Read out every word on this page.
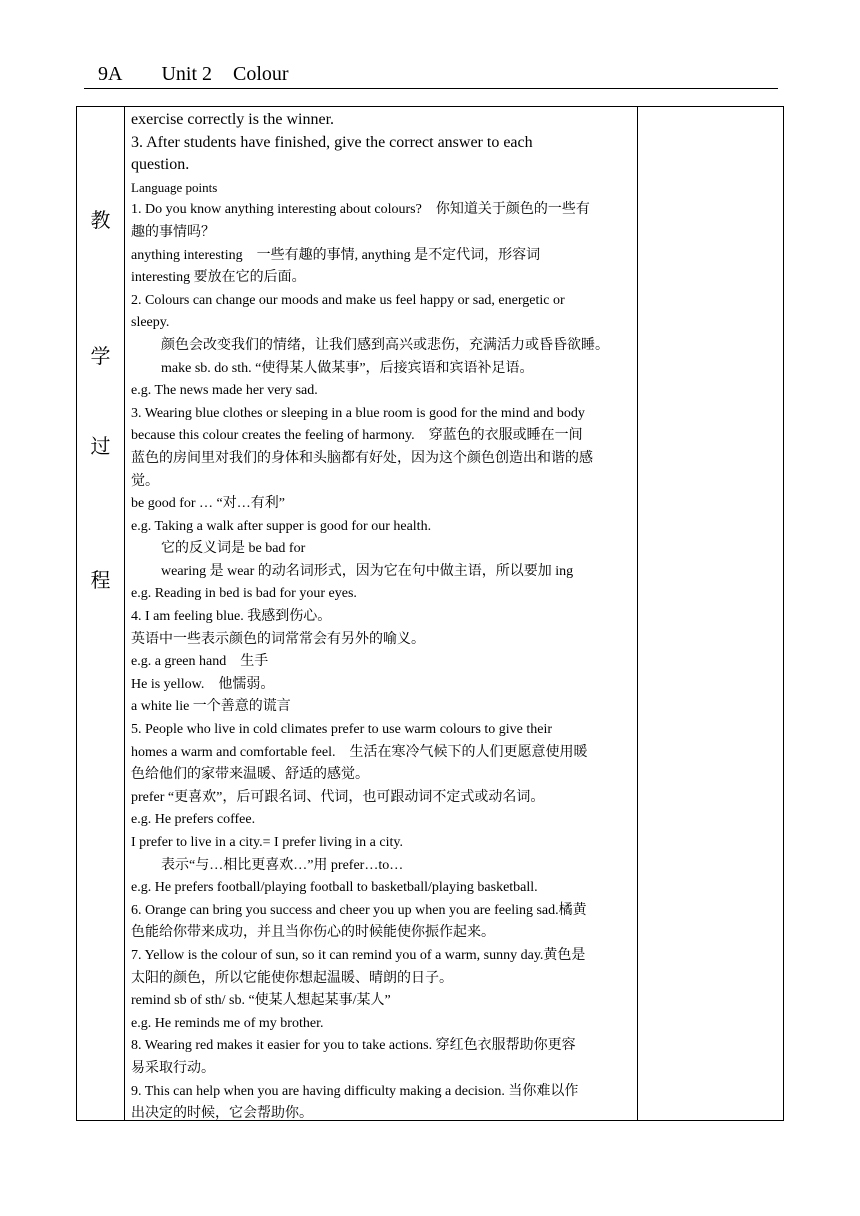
9A Unit 2 Colour
教
学
过
程
exercise correctly is the winner.
3. After students have finished, give the correct answer to each
question.
Language points
1. Do you know anything interesting about colours?　你知道关于颜色的一些有
趣的事情吗？
anything interesting　一些有趣的事情, anything 是不定代词，形容词
interesting 要放在它的后面。
2. Colours can change our moods and make us feel happy or sad, energetic or
sleepy.
颜色会改变我们的情绪，让我们感到高兴或悲伤，充满活力或昏昏欲睡。
make sb. do sth. “使得某人做某事”，后接宾语和宾语补足语。
e.g. The news made her very sad.
3. Wearing blue clothes or sleeping in a blue room is good for the mind and body
because this colour creates the feeling of harmony.　穿蓝色的衣服或睡在一间
蓝色的房间里对我们的身体和头脑都有好处，因为这个颜色创造出和谐的感
觉。
be good for … “对…有利”
e.g. Taking a walk after supper is good for our health.
它的反义词是 be bad for
wearing 是 wear 的动名词形式，因为它在句中做主语，所以要加 ing
e.g. Reading in bed is bad for your eyes.
4. I am feeling blue. 我感到伤心。
英语中一些表示颜色的词常常会有另外的喻义。
e.g. a green hand　生手
He is yellow.　他懦弱。
a white lie 一个善意的谎言
5. People who live in cold climates prefer to use warm colours to give their
homes a warm and comfortable feel.　生活在寒冷气候下的人们更愿意使用暖
色给他们的家带来温暖、舒适的感觉。
prefer “更喜欢”，后可跟名词、代词，也可跟动词不定式或动名词。
e.g. He prefers coffee.
I prefer to live in a city.= I prefer living in a city.
表示“与…相比更喜欢…”用 prefer…to…
e.g. He prefers football/playing football to basketball/playing basketball.
6. Orange can bring you success and cheer you up when you are feeling sad.橘黄
色能给你带来成功，并且当你伤心的时候能使你振作起来。
7. Yellow is the colour of sun, so it can remind you of a warm, sunny day.黄色是
太阳的颜色，所以它能使你想起温暖、晴朗的日子。
remind sb of sth/ sb. “使某人想起某事/某人”
e.g. He reminds me of my brother.
8. Wearing red makes it easier for you to take actions. 穿红色衣服帮助你更容
易采取行动。
9. This can help when you are having difficulty making a decision. 当你难以作
出决定的时候，它会帮助你。
